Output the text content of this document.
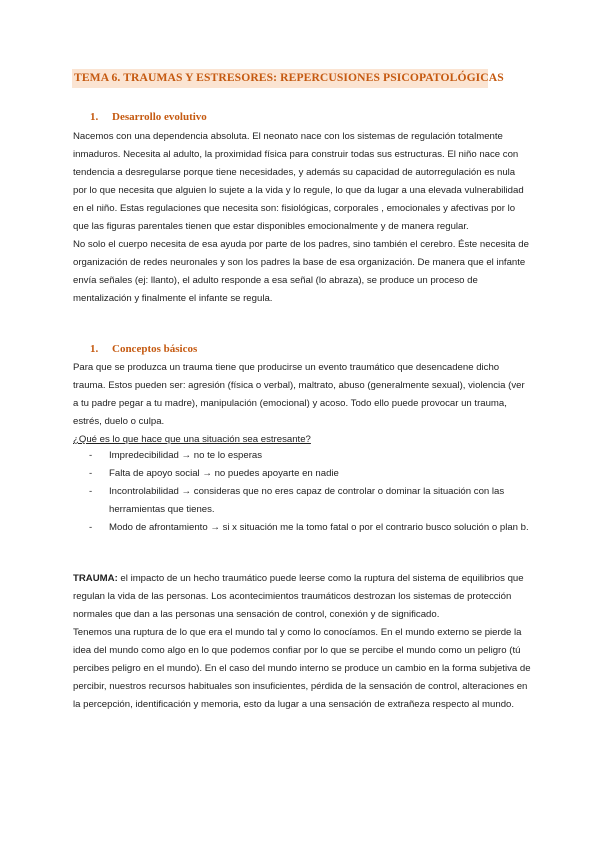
TEMA 6. TRAUMAS Y ESTRESORES: REPERCUSIONES PSICOPATOLÓGICAS
1. Desarrollo evolutivo

Nacemos con una dependencia absoluta. El neonato nace con los sistemas de regulación totalmente inmaduros. Necesita al adulto, la proximidad física para construir todas sus estructuras. El niño nace con tendencia a desregularse porque tiene necesidades, y además su capacidad de autorregulación es nula por lo que necesita que alguien lo sujete a la vida y lo regule, lo que da lugar a una elevada vulnerabilidad en el niño. Estas regulaciones que necesita son: fisiológicas, corporales , emocionales y afectivas por lo que las figuras parentales tienen que estar disponibles emocionalmente y de manera regular.

No solo el cuerpo necesita de esa ayuda por parte de los padres, sino también el cerebro. Éste necesita de organización de redes neuronales y son los padres la base de esa organización. De manera que el infante envía señales (ej: llanto), el adulto responde a esa señal (lo abraza), se produce un proceso de mentalización y finalmente el infante se regula.

1. Conceptos básicos

Para que se produzca un trauma tiene que producirse un evento traumático que desencadene dicho trauma. Estos pueden ser: agresión (física o verbal), maltrato, abuso (generalmente sexual), violencia (ver a tu padre pegar a tu madre), manipulación (emocional) y acoso. Todo ello puede provocar un trauma, estrés, duelo o culpa.

¿Qué es lo que hace que una situación sea estresante?
- Impredecibilidad → no te lo esperas
- Falta de apoyo social → no puedes apoyarte en nadie
- Incontrolabilidad → consideras que no eres capaz de controlar o dominar la situación con las herramientas que tienes.
- Modo de afrontamiento → si x situación me la tomo fatal o por el contrario busco solución o plan b.

TRAUMA: el impacto de un hecho traumático puede leerse como la ruptura del sistema de equilibrios que regulan la vida de las personas. Los acontecimientos traumáticos destrozan los sistemas de protección normales que dan a las personas una sensación de control, conexión y de significado.

Tenemos una ruptura de lo que era el mundo tal y como lo conocíamos. En el mundo externo se pierde la idea del mundo como algo en lo que podemos confiar por lo que se percibe el mundo como un peligro (tú percibes peligro en el mundo). En el caso del mundo interno se produce un cambio en la forma subjetiva de percibir, nuestros recursos habituales son insuficientes, pérdida de la sensación de control, alteraciones en la percepción, identificación y memoria, esto da lugar a una sensación de extrañeza respecto al mundo.
